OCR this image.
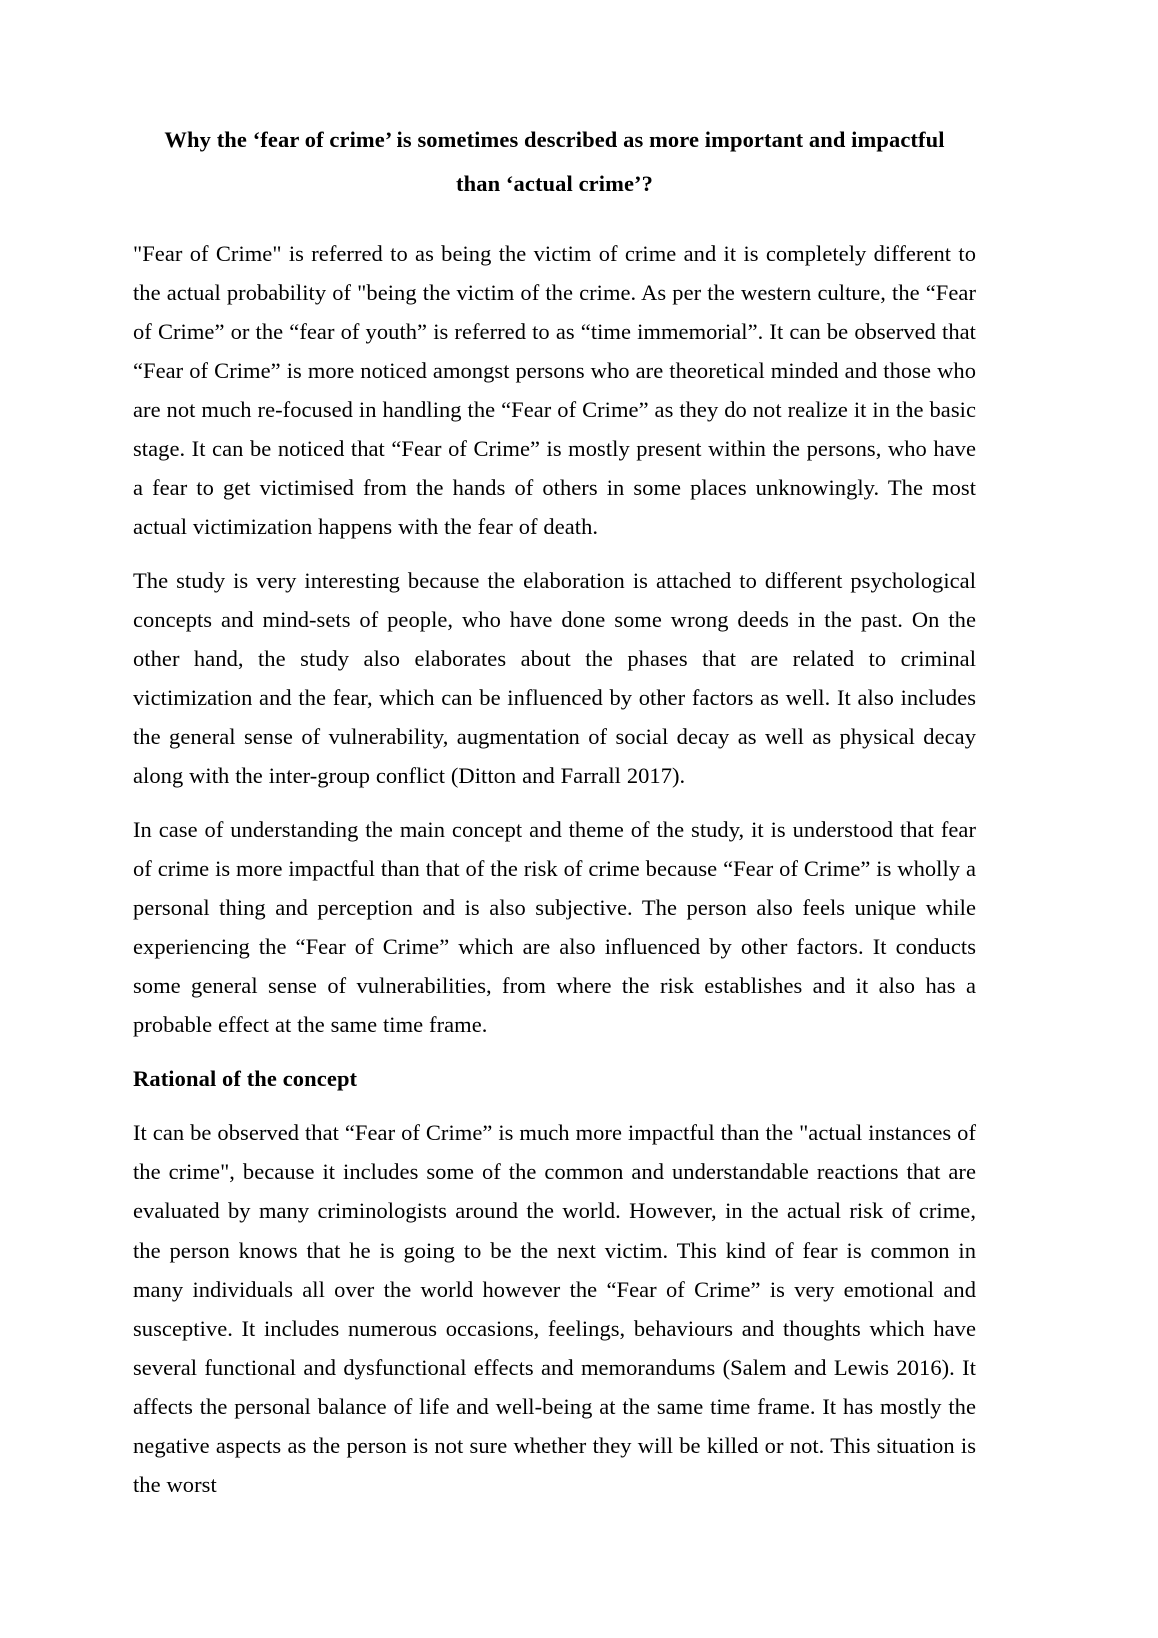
Why the ‘fear of crime’ is sometimes described as more important and impactful than ‘actual crime’?

"Fear of Crime" is referred to as being the victim of crime and it is completely different to the actual probability of "being the victim of the crime. As per the western culture, the “Fear of Crime” or the “fear of youth” is referred to as “time immemorial”. It can be observed that “Fear of Crime” is more noticed amongst persons who are theoretical minded and those who are not much re-focused in handling the “Fear of Crime” as they do not realize it in the basic stage. It can be noticed that “Fear of Crime” is mostly present within the persons, who have a fear to get victimised from the hands of others in some places unknowingly. The most actual victimization happens with the fear of death.

The study is very interesting because the elaboration is attached to different psychological concepts and mind-sets of people, who have done some wrong deeds in the past. On the other hand, the study also elaborates about the phases that are related to criminal victimization and the fear, which can be influenced by other factors as well. It also includes the general sense of vulnerability, augmentation of social decay as well as physical decay along with the inter-group conflict (Ditton and Farrall 2017).

In case of understanding the main concept and theme of the study, it is understood that fear of crime is more impactful than that of the risk of crime because “Fear of Crime” is wholly a personal thing and perception and is also subjective. The person also feels unique while experiencing the “Fear of Crime” which are also influenced by other factors. It conducts some general sense of vulnerabilities, from where the risk establishes and it also has a probable effect at the same time frame.

Rational of the concept

It can be observed that “Fear of Crime” is much more impactful than the "actual instances of the crime", because it includes some of the common and understandable reactions that are evaluated by many criminologists around the world. However, in the actual risk of crime, the person knows that he is going to be the next victim. This kind of fear is common in many individuals all over the world however the “Fear of Crime” is very emotional and susceptive. It includes numerous occasions, feelings, behaviours and thoughts which have several functional and dysfunctional effects and memorandums (Salem and Lewis 2016). It affects the personal balance of life and well-being at the same time frame. It has mostly the negative aspects as the person is not sure whether they will be killed or not. This situation is the worst
